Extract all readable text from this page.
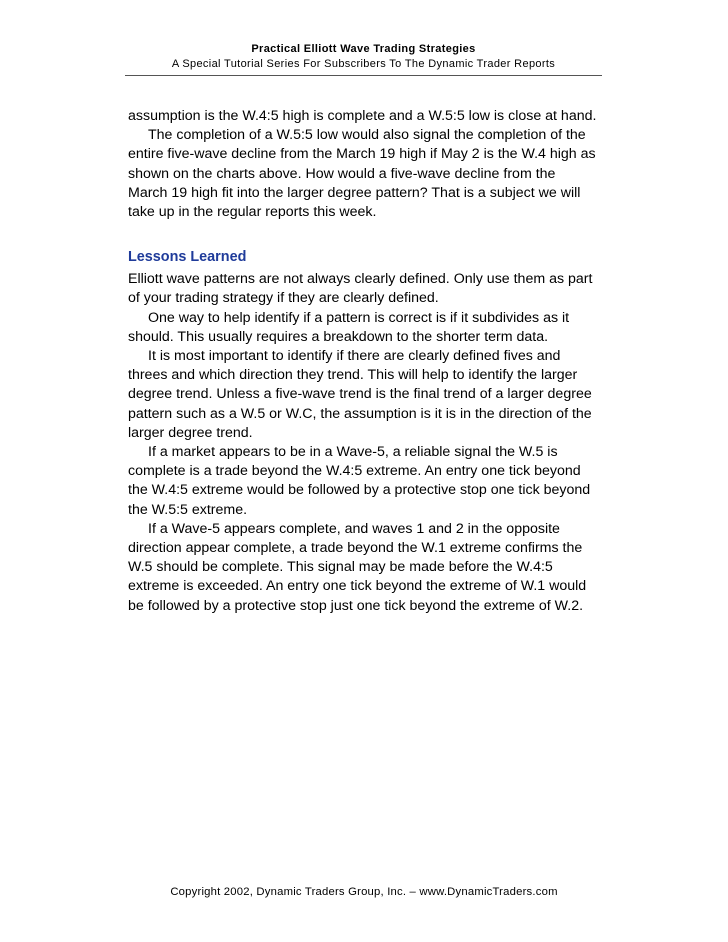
Practical Elliott Wave Trading Strategies
A Special Tutorial Series For Subscribers To The Dynamic Trader Reports

assumption is the W.4:5 high is complete and a W.5:5 low is close at hand.

The completion of a W.5:5 low would also signal the completion of the entire five-wave decline from the March 19 high if May 2 is the W.4 high as shown on the charts above. How would a five-wave decline from the March 19 high fit into the larger degree pattern? That is a subject we will take up in the regular reports this week.

Lessons Learned

Elliott wave patterns are not always clearly defined. Only use them as part of your trading strategy if they are clearly defined.

One way to help identify if a pattern is correct is if it subdivides as it should. This usually requires a breakdown to the shorter term data.

It is most important to identify if there are clearly defined fives and threes and which direction they trend. This will help to identify the larger degree trend. Unless a five-wave trend is the final trend of a larger degree pattern such as a W.5 or W.C, the assumption is it is in the direction of the larger degree trend.

If a market appears to be in a Wave-5, a reliable signal the W.5 is complete is a trade beyond the W.4:5 extreme. An entry one tick beyond the W.4:5 extreme would be followed by a protective stop one tick beyond the W.5:5 extreme.

If a Wave-5 appears complete, and waves 1 and 2 in the opposite direction appear complete, a trade beyond the W.1 extreme confirms the W.5 should be complete. This signal may be made before the W.4:5 extreme is exceeded. An entry one tick beyond the extreme of W.1 would be followed by a protective stop just one tick beyond the extreme of W.2.

Copyright 2002, Dynamic Traders Group, Inc. – www.DynamicTraders.com
